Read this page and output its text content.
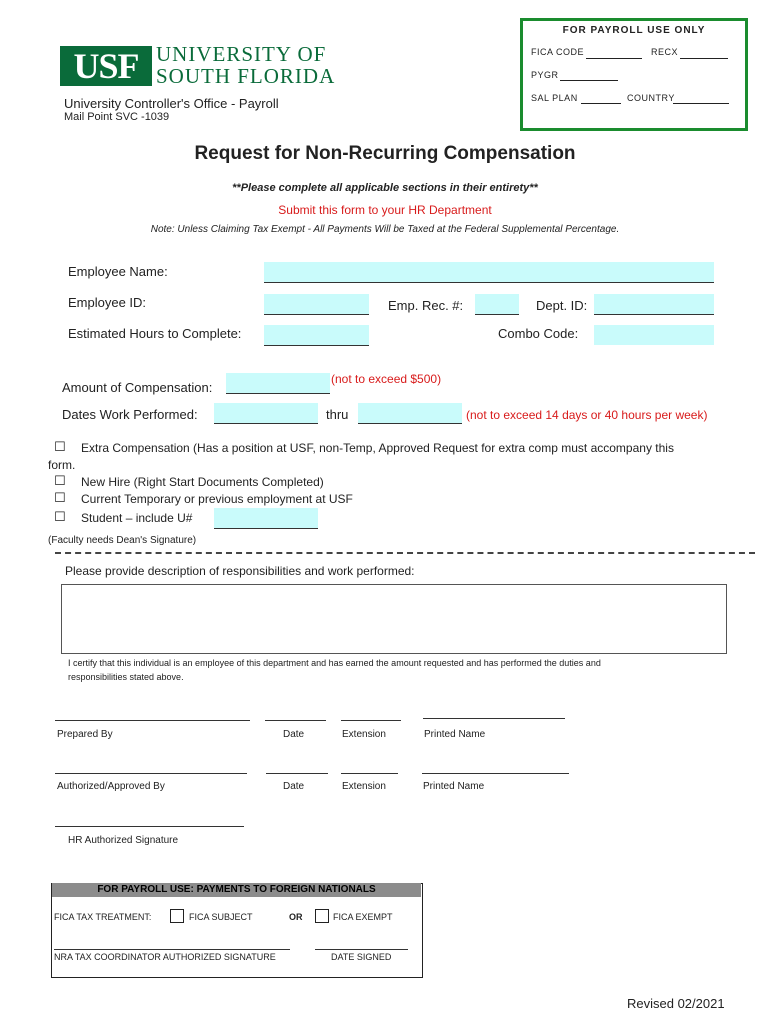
USF UNIVERSITY OF
SOUTH FLORIDA
University Controller's Office - Payroll
Mail Point SVC -1039
FOR PAYROLL USE ONLY
FICA CODE	RECX
PYGR
SAL PLAN	COUNTRY
Request for Non-Recurring Compensation
**Please complete all applicable sections in their entirety**
Submit this form to your HR Department
Note: Unless Claiming Tax Exempt - All Payments Will be Taxed at the Federal Supplemental Percentage.
Employee Name:
Employee ID:	Emp. Rec. #:	Dept. ID:
Estimated Hours to Complete:	Combo Code:
Amount of Compensation:
(not to exceed $500)
Dates Work Performed:	thru	(not to exceed 14 days or 40 hours per week)
☐ Extra Compensation (Has a position at USF, non-Temp, Approved Request for extra comp must accompany this
form.
☐ New Hire (Right Start Documents Completed)
☐ Current Temporary or previous employment at USF
☐ Student – include U#
(Faculty needs Dean's Signature)
Please provide description of responsibilities and work performed:
I certify that this individual is an employee of this department and has earned the amount requested and has performed the duties and
responsibilities stated above.
Prepared By	Date	Extension	Printed Name
Authorized/Approved By	Date	Extension	Printed Name
HR Authorized Signature
FOR PAYROLL USE: PAYMENTS TO FOREIGN NATIONALS
FICA TAX TREATMENT:	FICA SUBJECT	OR	FICA EXEMPT
NRA TAX COORDINATOR AUTHORIZED SIGNATURE	DATE SIGNED
Revised 02/2021
